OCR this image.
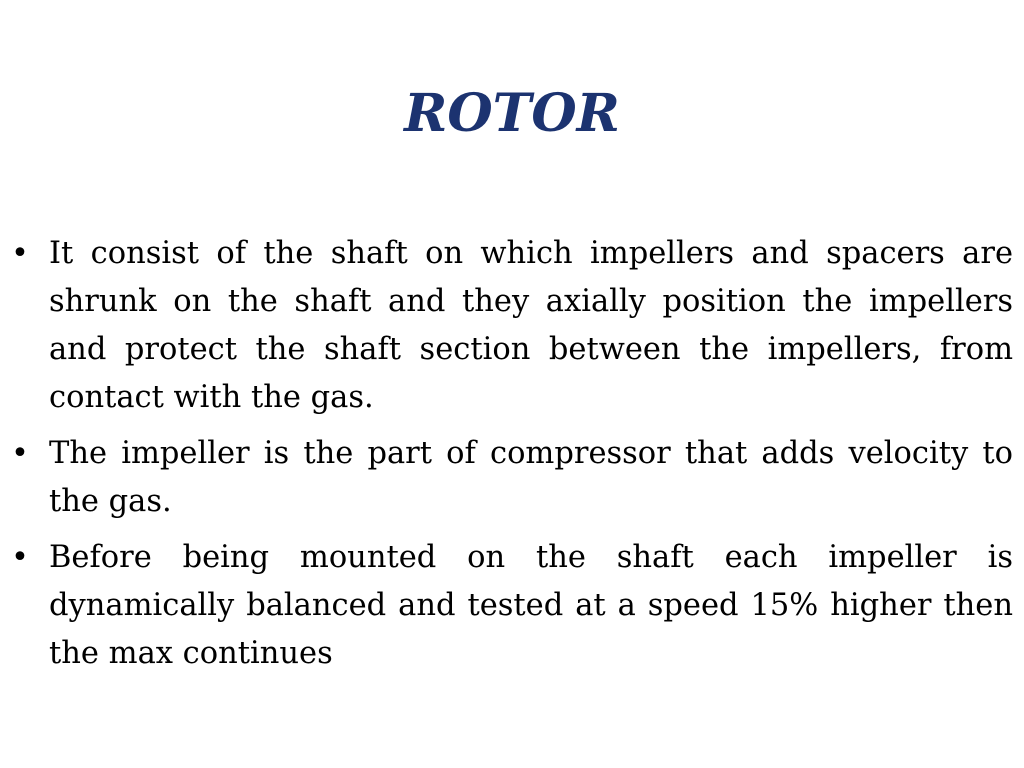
ROTOR
• It consist of the shaft on which impellers and spacers are shrunk on the shaft and they axially position the impellers and protect the shaft section between the impellers, from contact with the gas.
• The impeller is the part of compressor that adds velocity to the gas.
• Before being mounted on the shaft each impeller is dynamically balanced and tested at a speed 15% higher then the max continues
